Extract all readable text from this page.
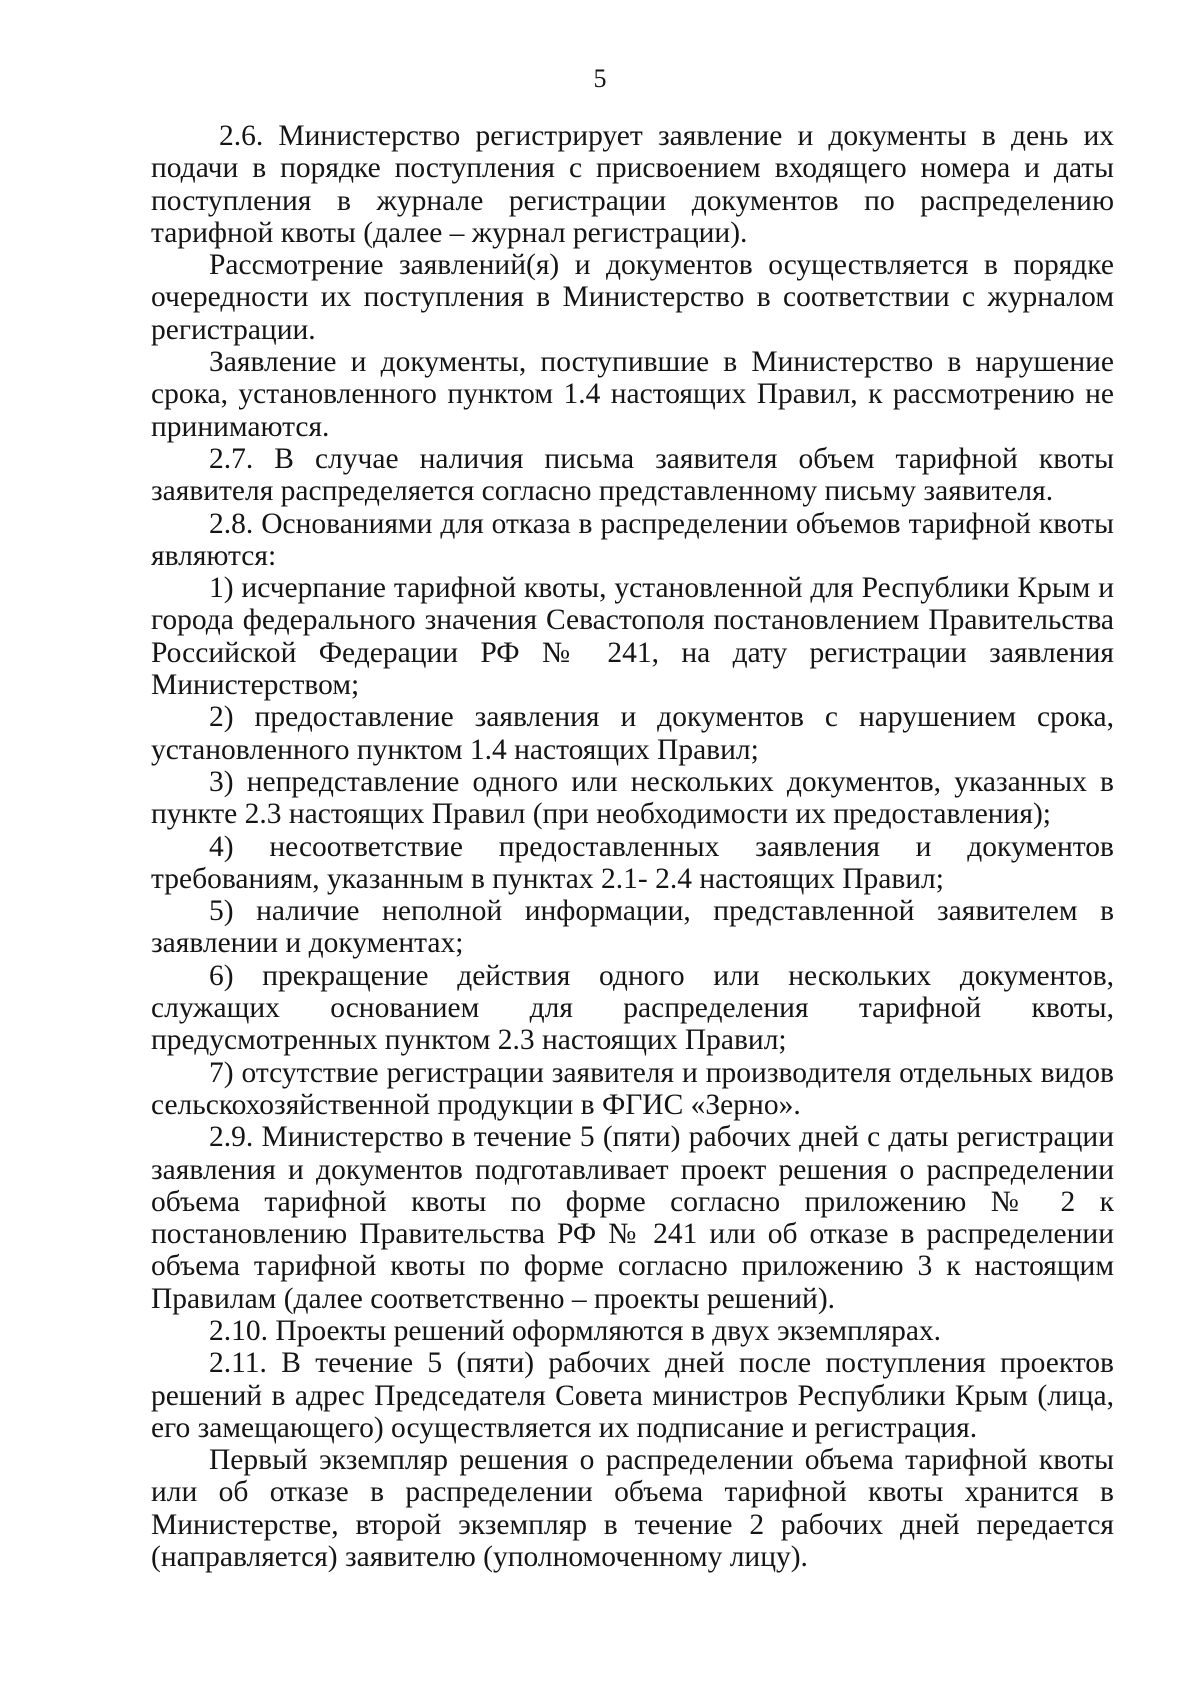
5

2.6. Министерство регистрирует заявление и документы в день их подачи в порядке поступления с присвоением входящего номера и даты поступления в журнале регистрации документов по распределению тарифной квоты (далее – журнал регистрации).

Рассмотрение заявлений(я) и документов осуществляется в порядке очередности их поступления в Министерство в соответствии с журналом регистрации.

Заявление и документы, поступившие в Министерство в нарушение срока, установленного пунктом 1.4 настоящих Правил, к рассмотрению не принимаются.

2.7. В случае наличия письма заявителя объем тарифной квоты заявителя распределяется согласно представленному письму заявителя.

2.8. Основаниями для отказа в распределении объемов тарифной квоты являются:

1) исчерпание тарифной квоты, установленной для Республики Крым и города федерального значения Севастополя постановлением Правительства Российской Федерации РФ № 241, на дату регистрации заявления Министерством;

2) предоставление заявления и документов с нарушением срока, установленного пунктом 1.4 настоящих Правил;

3) непредставление одного или нескольких документов, указанных в пункте 2.3 настоящих Правил (при необходимости их предоставления);

4) несоответствие предоставленных заявления и документов требованиям, указанным в пунктах 2.1- 2.4 настоящих Правил;

5) наличие неполной информации, представленной заявителем в заявлении и документах;

6) прекращение действия одного или нескольких документов, служащих основанием для распределения тарифной квоты, предусмотренных пунктом 2.3 настоящих Правил;

7) отсутствие регистрации заявителя и производителя отдельных видов сельскохозяйственной продукции в ФГИС «Зерно».

2.9. Министерство в течение 5 (пяти) рабочих дней с даты регистрации заявления и документов подготавливает проект решения о распределении объема тарифной квоты по форме согласно приложению № 2 к постановлению Правительства РФ № 241 или об отказе в распределении объема тарифной квоты по форме согласно приложению 3 к настоящим Правилам (далее соответственно – проекты решений).

2.10. Проекты решений оформляются в двух экземплярах.

2.11. В течение 5 (пяти) рабочих дней после поступления проектов решений в адрес Председателя Совета министров Республики Крым (лица, его замещающего) осуществляется их подписание и регистрация.

Первый экземпляр решения о распределении объема тарифной квоты или об отказе в распределении объема тарифной квоты хранится в Министерстве, второй экземпляр в течение 2 рабочих дней передается (направляется) заявителю (уполномоченному лицу).
